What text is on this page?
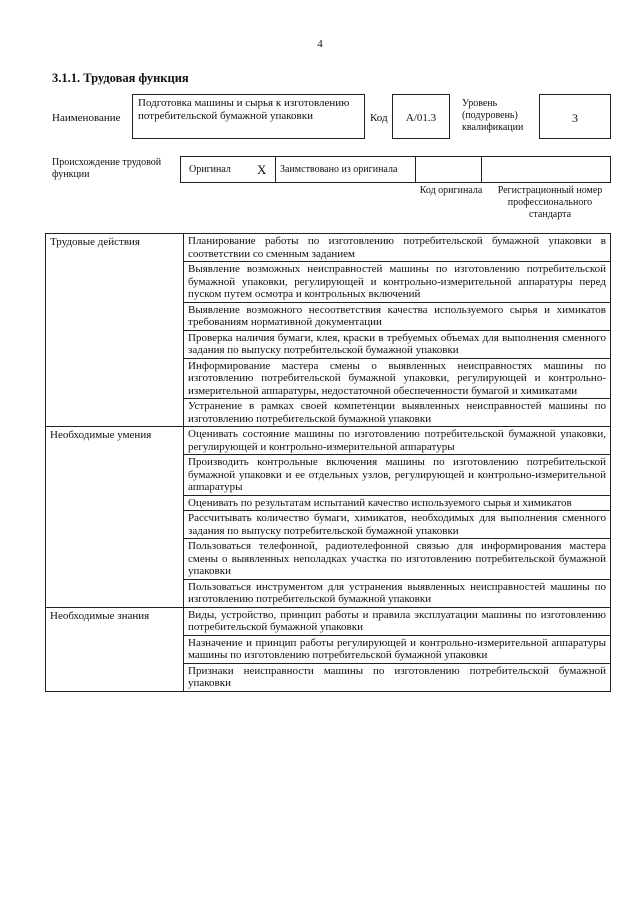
4
3.1.1. Трудовая функция
Наименование
Подготовка машины и сырья к изготовлению потребительской бумажной упаковки	Код	А/01.3
Уровень (подуровень) квалификации
3
Происхождение трудовой функции	Оригинал X Заимствовано из оригинала
Код оригинала	Регистрационный номер профессионального стандарта
Трудовые действия	Планирование работы по изготовлению потребительской бумажной упаковки в соответствии со сменным заданием
	Выявление возможных неисправностей машины по изготовлению потребительской бумажной упаковки, регулирующей и контрольно-измерительной аппаратуры перед пуском путем осмотра и контрольных включений
	Выявление возможного несоответствия качества используемого сырья и химикатов требованиям нормативной документации
	Проверка наличия бумаги, клея, краски в требуемых объемах для выполнения сменного задания по выпуску потребительской бумажной упаковки
	Информирование мастера смены о выявленных неисправностях машины по изготовлению потребительской бумажной упаковки, регулирующей и контрольно-измерительной аппаратуры, недостаточной обеспеченности бумагой и химикатами
	Устранение в рамках своей компетенции выявленных неисправностей машины по изготовлению потребительской бумажной упаковки
Необходимые умения	Оценивать состояние машины по изготовлению потребительской бумажной упаковки, регулирующей и контрольно-измерительной аппаратуры
	Производить контрольные включения машины по изготовлению потребительской бумажной упаковки и ее отдельных узлов, регулирующей и контрольно-измерительной аппаратуры
	Оценивать по результатам испытаний качество используемого сырья и химикатов
	Рассчитывать количество бумаги, химикатов, необходимых для выполнения сменного задания по выпуску потребительской бумажной упаковки
	Пользоваться телефонной, радиотелефонной связью для информирования мастера смены о выявленных неполадках участка по изготовлению потребительской бумажной упаковки
	Пользоваться инструментом для устранения выявленных неисправностей машины по изготовлению потребительской бумажной упаковки
Необходимые знания	Виды, устройство, принцип работы и правила эксплуатации машины по изготовлению потребительской бумажной упаковки
	Назначение и принцип работы регулирующей и контрольно-измерительной аппаратуры машины по изготовлению потребительской бумажной упаковки
	Признаки неисправности машины по изготовлению потребительской бумажной упаковки
